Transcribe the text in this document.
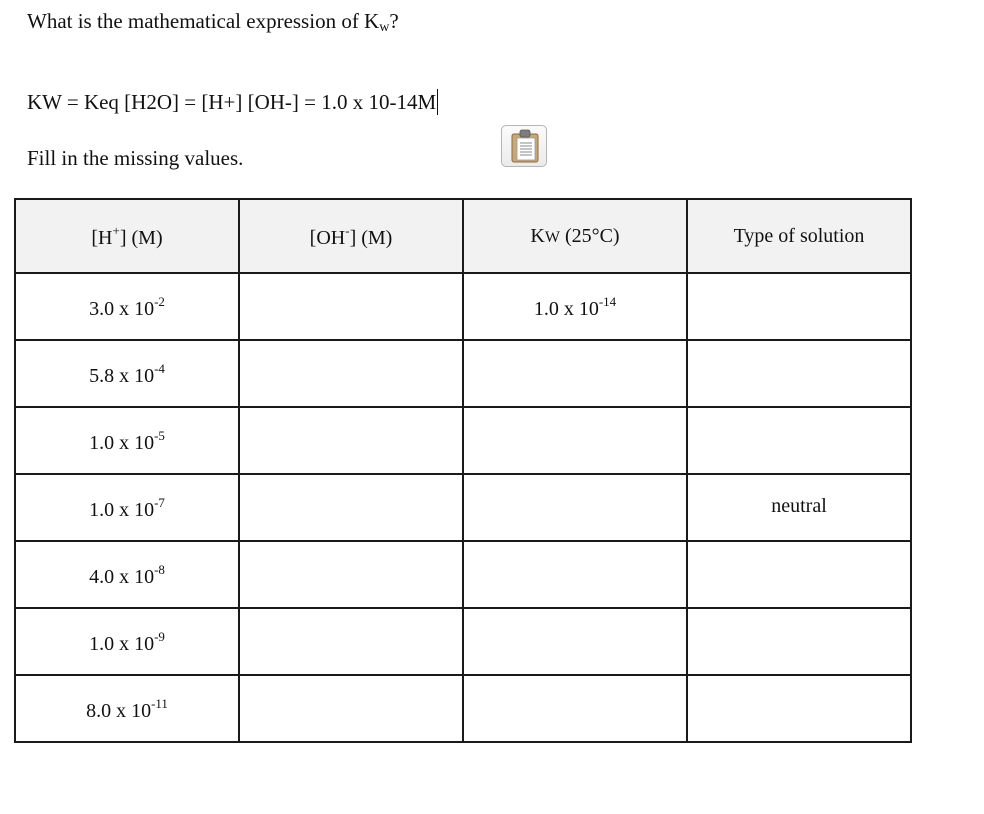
What is the mathematical expression of Kw?
KW = Keq [H2O] = [H+] [OH-] = 1.0 x 10-14M
Fill in the missing values.
[H+] (M)	[OH-] (M)	KW (25°C)	Type of solution
3.0 x $10^{-2}$		1.0 x $10^{-14}$	
5.8 x $10^{-4}$			
1.0 x $10^{-5}$			
1.0 x $10^{-7}$			neutral
4.0 x $10^{-8}$			
1.0 x $10^{-9}$			
8.0 x $10^{-11}$			
